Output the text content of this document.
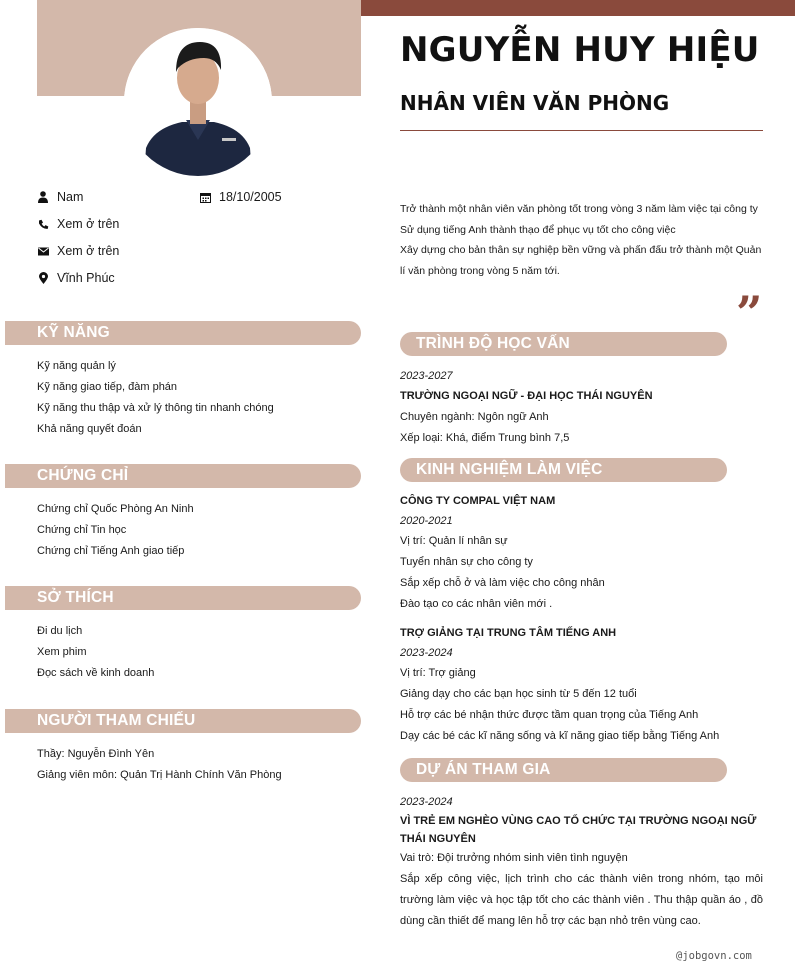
NGUYỄN HUY HIỆU
NHÂN VIÊN VĂN PHÒNG
Nam	18/10/2005
Xem ở trên
Xem ở trên
Vĩnh Phúc
KỸ NĂNG
Kỹ năng quản lý
Kỹ năng giao tiếp, đàm phán
Kỹ năng thu thập và xử lý thông tin nhanh chóng
Khả năng quyết đoán
CHỨNG CHỈ
Chứng chỉ Quốc Phòng An Ninh
Chứng chỉ Tin học
Chứng chỉ Tiếng Anh giao tiếp
SỞ THÍCH
Đi du lịch
Xem phim
Đọc sách về kinh doanh
NGƯỜI THAM CHIẾU
Thầy: Nguyễn Đình Yên
Giảng viên môn: Quản Trị Hành Chính Văn Phòng
Trở thành một nhân viên văn phòng tốt trong vòng 3 năm làm việc tại công ty
Sử dụng tiếng Anh thành thạo để phục vụ tốt cho công việc
Xây dựng cho bản thân sự nghiệp bền vững và phấn đấu trở thành một Quản lí văn phòng trong vòng 5 năm tới.
”
TRÌNH ĐỘ HỌC VẤN
2023-2027
TRƯỜNG NGOẠI NGỮ - ĐẠI HỌC THÁI NGUYÊN
Chuyên ngành: Ngôn ngữ Anh
Xếp loại: Khá, điểm Trung bình 7,5
KINH NGHIỆM LÀM VIỆC
CÔNG TY COMPAL VIỆT NAM
2020-2021
Vị trí: Quản lí nhân sự
Tuyển nhân sự cho công ty
Sắp xếp chỗ ở và làm việc cho công nhân
Đào tạo co các nhân viên mới .
TRỢ GIẢNG TẠI TRUNG TÂM TIẾNG ANH
2023-2024
Vị trí: Trợ giảng
Giảng dạy cho các bạn học sinh từ 5 đến 12 tuổi
Hỗ trợ các bé nhận thức được tầm quan trọng của Tiếng Anh
Dạy các bé các kĩ năng sống và kĩ năng giao tiếp bằng Tiếng Anh
DỰ ÁN THAM GIA
2023-2024
VÌ TRẺ EM NGHÈO VÙNG CAO TỔ CHỨC TẠI TRƯỜNG NGOẠI NGỮ THÁI NGUYÊN
Vai trò: Đội trưởng nhóm sinh viên tình nguyện
Sắp xếp công việc, lịch trình cho các thành viên trong nhóm, tạo môi trường làm việc và học tập tốt cho các thành viên . Thu thập quần áo , đồ dùng cần thiết để mang lên hỗ trợ các bạn nhỏ trên vùng cao.
@jobgovn.com
